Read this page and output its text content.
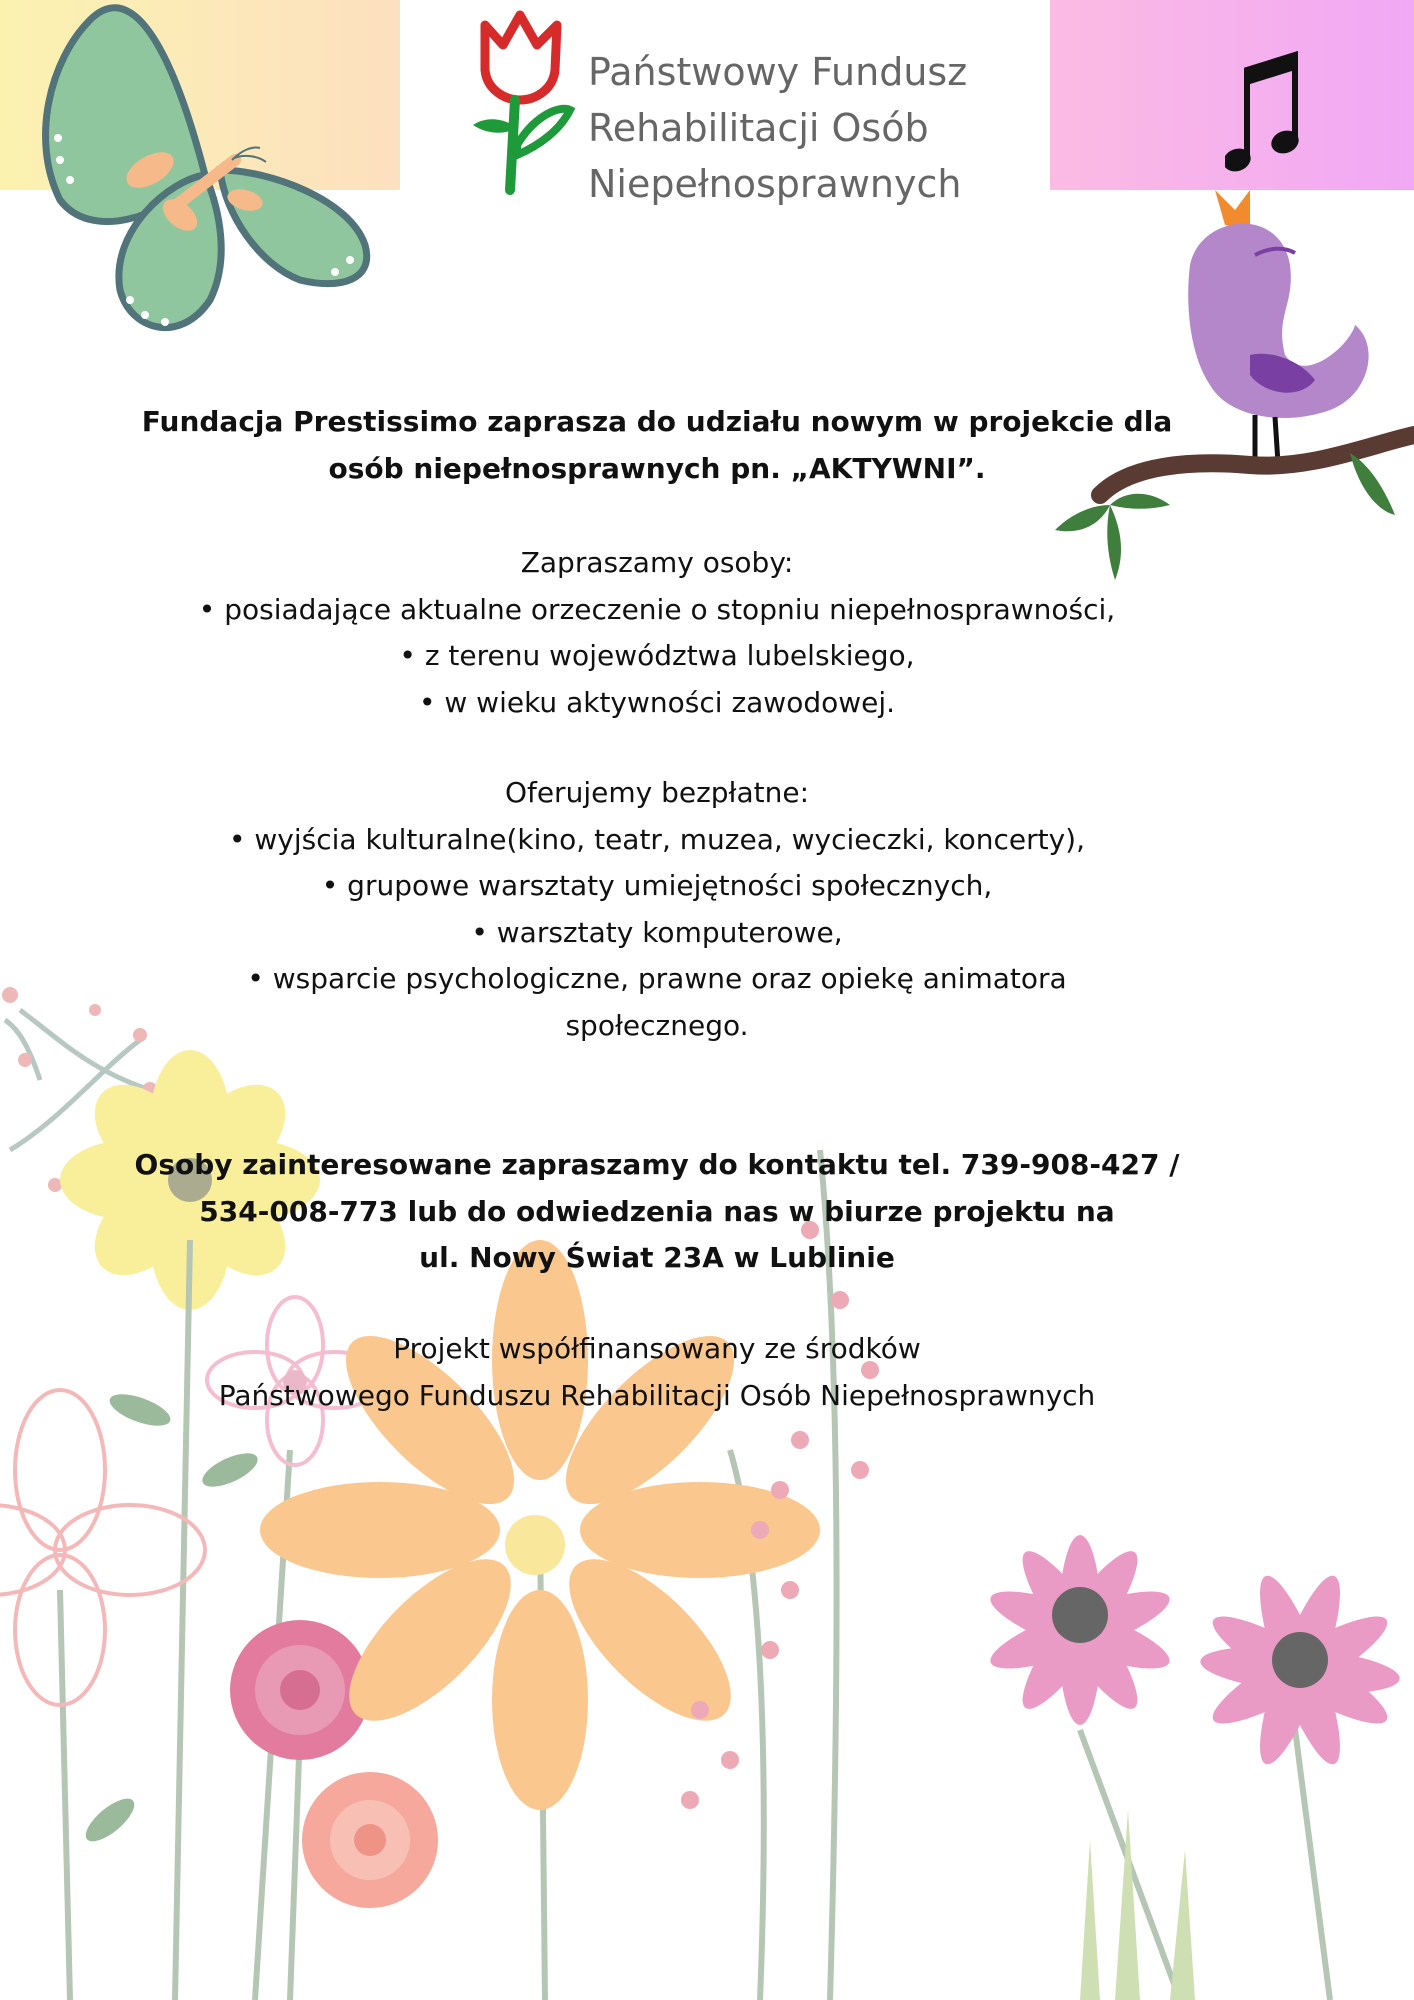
Państwowy Fundusz
Rehabilitacji Osób
Niepełnosprawnych
Fundacja Prestissimo zaprasza do udziału nowym w projekcie dla
osób niepełnosprawnych pn. „AKTYWNI”.
Zapraszamy osoby:
• posiadające aktualne orzeczenie o stopniu niepełnosprawności,
• z terenu województwa lubelskiego,
• w wieku aktywności zawodowej.
Oferujemy bezpłatne:
• wyjścia kulturalne(kino, teatr, muzea, wycieczki, koncerty),
• grupowe warsztaty umiejętności społecznych,
• warsztaty komputerowe,
• wsparcie psychologiczne, prawne oraz opiekę animatora
społecznego.
Osoby zainteresowane zapraszamy do kontaktu tel. 739-908-427 /
534-008-773 lub do odwiedzenia nas w biurze projektu na
ul. Nowy Świat 23A w Lublinie
Projekt współfinansowany ze środków
Państwowego Funduszu Rehabilitacji Osób Niepełnosprawnych
